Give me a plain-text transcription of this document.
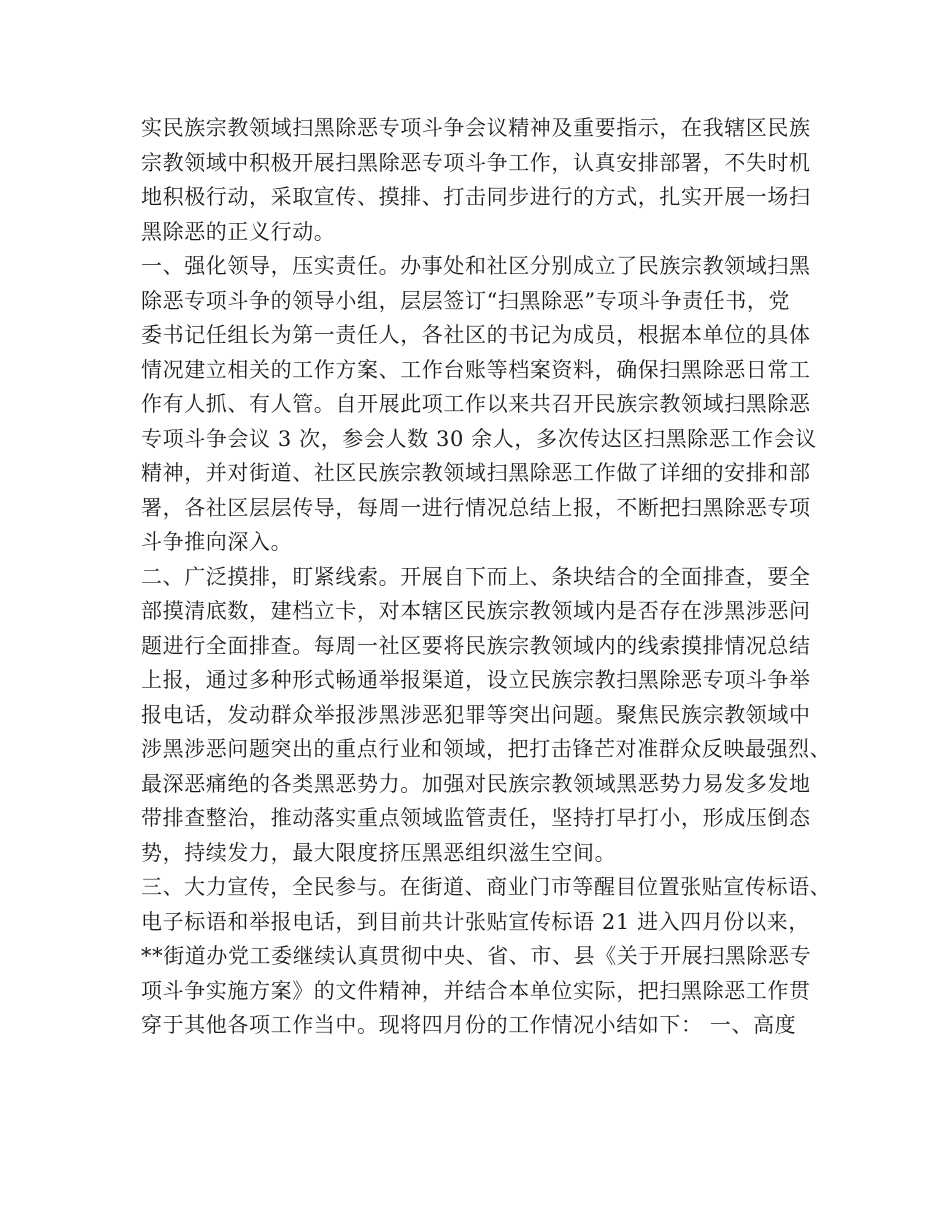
实民族宗教领域扫黑除恶专项斗争会议精神及重要指示，在我辖区民族
宗教领域中积极开展扫黑除恶专项斗争工作，认真安排部署，不失时机
地积极行动，采取宣传、摸排、打击同步进行的方式，扎实开展一场扫
黑除恶的正义行动。
一、强化领导，压实责任。办事处和社区分别成立了民族宗教领域扫黑
除恶专项斗争的领导小组，层层签订“扫黑除恶”专项斗争责任书，党
委书记任组长为第一责任人，各社区的书记为成员，根据本单位的具体
情况建立相关的工作方案、工作台账等档案资料，确保扫黑除恶日常工
作有人抓、有人管。自开展此项工作以来共召开民族宗教领域扫黑除恶
专项斗争会议 3 次，参会人数 30 余人，多次传达区扫黑除恶工作会议
精神，并对街道、社区民族宗教领域扫黑除恶工作做了详细的安排和部
署，各社区层层传导，每周一进行情况总结上报，不断把扫黑除恶专项
斗争推向深入。
二、广泛摸排，盯紧线索。开展自下而上、条块结合的全面排查，要全
部摸清底数，建档立卡，对本辖区民族宗教领域内是否存在涉黑涉恶问
题进行全面排查。每周一社区要将民族宗教领域内的线索摸排情况总结
上报，通过多种形式畅通举报渠道，设立民族宗教扫黑除恶专项斗争举
报电话，发动群众举报涉黑涉恶犯罪等突出问题。聚焦民族宗教领域中
涉黑涉恶问题突出的重点行业和领域，把打击锋芒对准群众反映最强烈、
最深恶痛绝的各类黑恶势力。加强对民族宗教领域黑恶势力易发多发地
带排查整治，推动落实重点领域监管责任，坚持打早打小，形成压倒态
势，持续发力，最大限度挤压黑恶组织滋生空间。
三、大力宣传，全民参与。在街道、商业门市等醒目位置张贴宣传标语、
电子标语和举报电话，到目前共计张贴宣传标语 21 进入四月份以来，
**街道办党工委继续认真贯彻中央、省、市、县《关于开展扫黑除恶专
项斗争实施方案》的文件精神，并结合本单位实际，把扫黑除恶工作贯
穿于其他各项工作当中。现将四月份的工作情况小结如下： 一、高度
